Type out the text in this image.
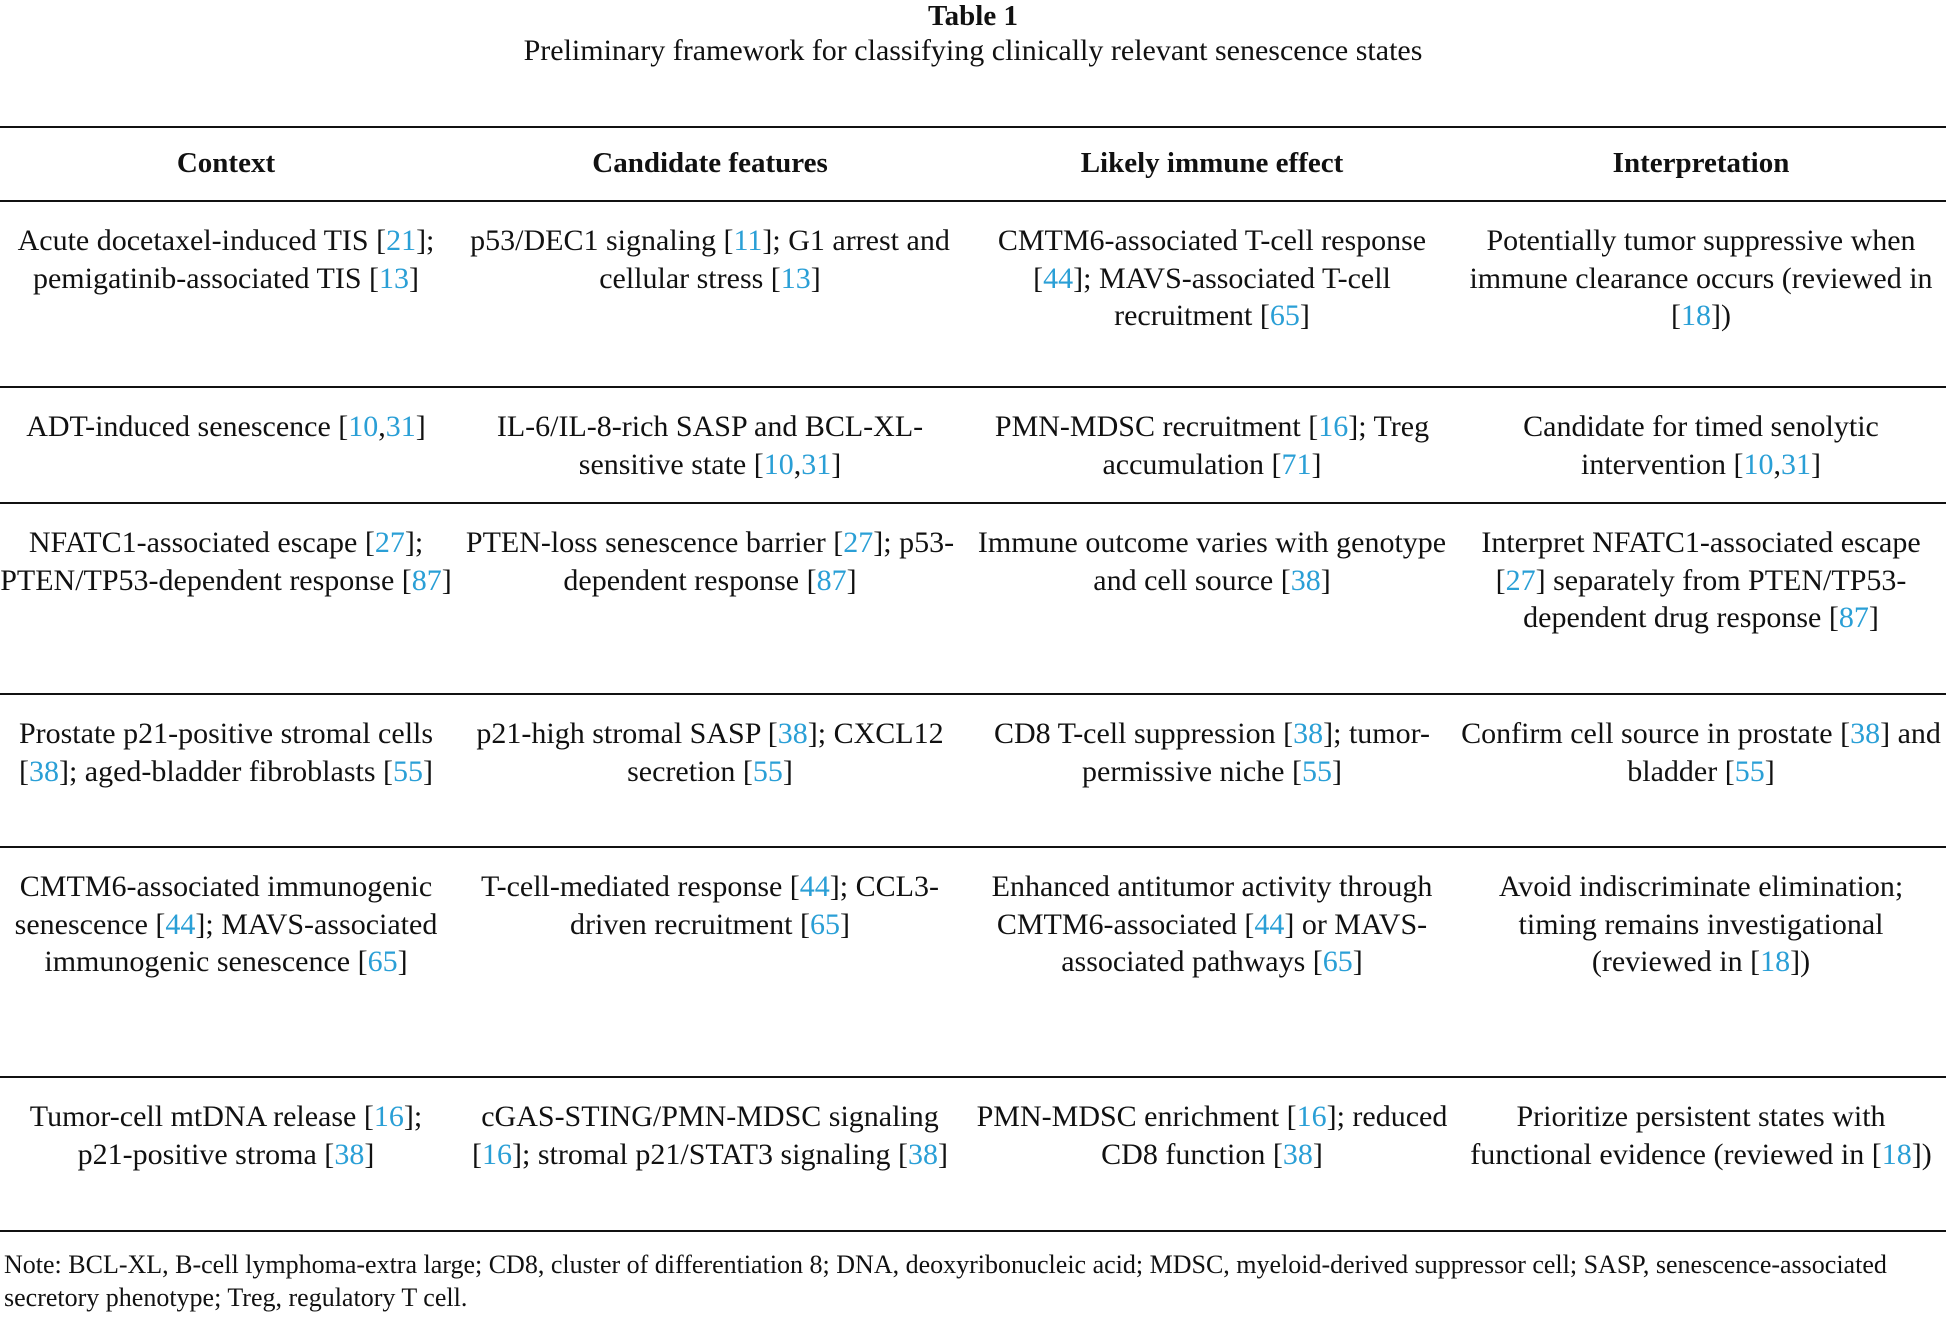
Table 1
Preliminary framework for classifying clinically relevant senescence states
Context	Candidate features	Likely immune effect	Interpretation

Acute docetaxel-induced TIS [21]; pemigatinib-associated TIS [13]	p53/DEC1 signaling [11]; G1 arrest and cellular stress [13]	CMTM6-associated T-cell response [44]; MAVS-associated T-cell recruitment [65]	Potentially tumor suppressive when immune clearance occurs (reviewed in [18])

ADT-induced senescence [10,31]	IL-6/IL-8-rich SASP and BCL-XL-sensitive state [10,31]	PMN-MDSC recruitment [16]; Treg accumulation [71]	Candidate for timed senolytic intervention [10,31]

NFATC1-associated escape [27]; PTEN/TP53-dependent response [87]	PTEN-loss senescence barrier [27]; p53-dependent response [87]	Immune outcome varies with genotype and cell source [38]	Interpret NFATC1-associated escape [27] separately from PTEN/TP53-dependent drug response [87]

Prostate p21-positive stromal cells [38]; aged-bladder fibroblasts [55]	p21-high stromal SASP [38]; CXCL12 secretion [55]	CD8 T-cell suppression [38]; tumor-permissive niche [55]	Confirm cell source in prostate [38] and bladder [55]

CMTM6-associated immunogenic senescence [44]; MAVS-associated immunogenic senescence [65]	T-cell-mediated response [44]; CCL3-driven recruitment [65]	Enhanced antitumor activity through CMTM6-associated [44] or MAVS-associated pathways [65]	Avoid indiscriminate elimination; timing remains investigational (reviewed in [18])

Tumor-cell mtDNA release [16]; p21-positive stroma [38]	cGAS-STING/PMN-MDSC signaling [16]; stromal p21/STAT3 signaling [38]	PMN-MDSC enrichment [16]; reduced CD8 function [38]	Prioritize persistent states with functional evidence (reviewed in [18])
Note: BCL-XL, B-cell lymphoma-extra large; CD8, cluster of differentiation 8; DNA, deoxyribonucleic acid; MDSC, myeloid-derived suppressor cell; SASP, senescence-associated secretory phenotype; Treg, regulatory T cell.
